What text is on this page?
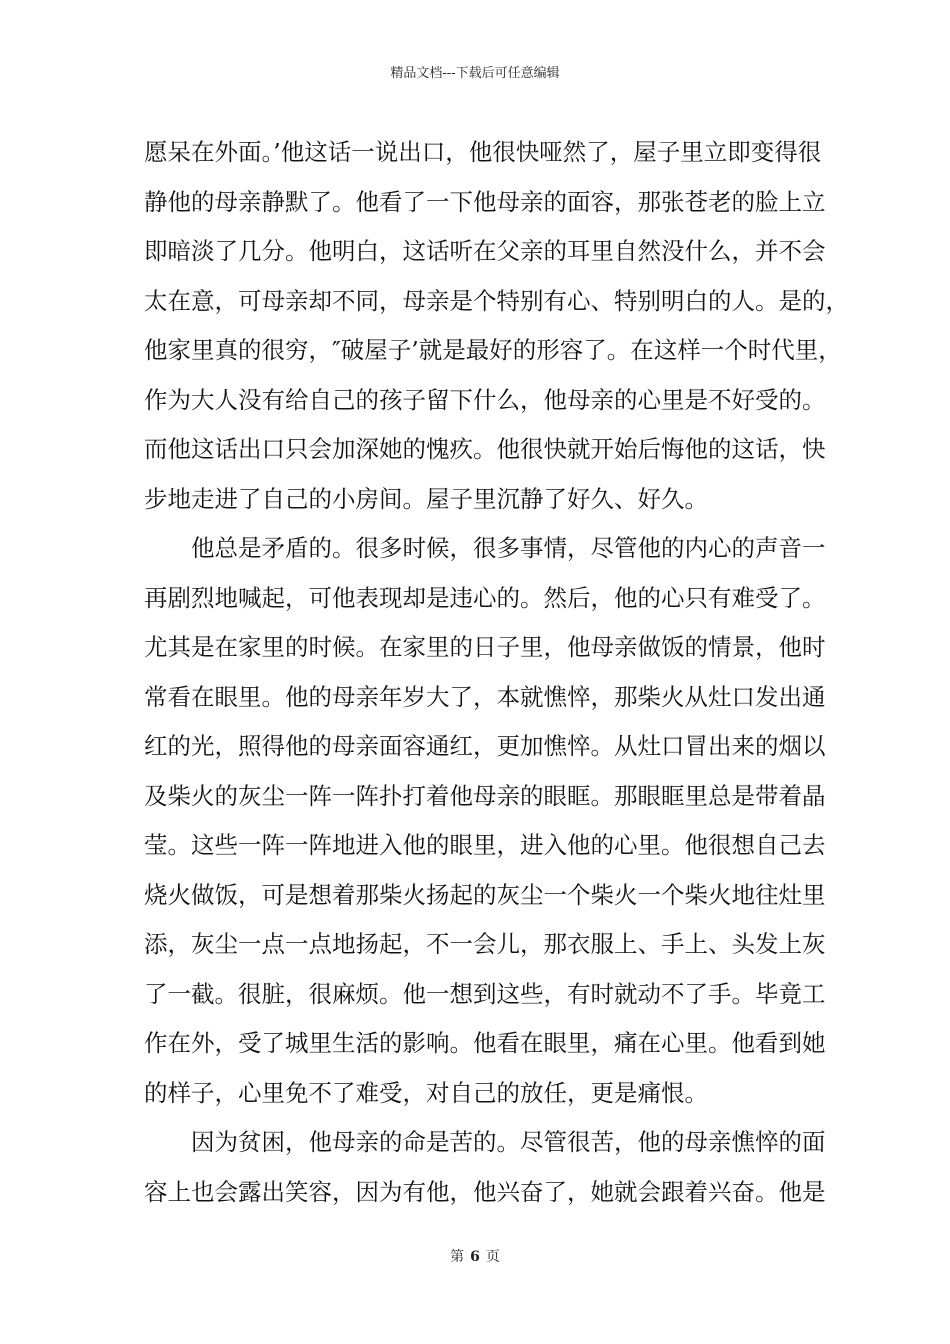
精品文档---下载后可任意编辑
愿呆在外面。’他这话一说出口，他很快哑然了，屋子里立即变得很
静他的母亲静默了。他看了一下他母亲的面容，那张苍老的脸上立
即暗淡了几分。他明白，这话听在父亲的耳里自然没什么，并不会
太在意，可母亲却不同，母亲是个特别有心、特别明白的人。是的，
他家里真的很穷，″破屋子’就是最好的形容了。在这样一个时代里，
作为大人没有给自己的孩子留下什么，他母亲的心里是不好受的。
而他这话出口只会加深她的愧疚。他很快就开始后悔他的这话，快
步地走进了自己的小房间。屋子里沉静了好久、好久。
　　他总是矛盾的。很多时候，很多事情，尽管他的内心的声音一
再剧烈地喊起，可他表现却是违心的。然后，他的心只有难受了。
尤其是在家里的时候。在家里的日子里，他母亲做饭的情景，他时
常看在眼里。他的母亲年岁大了，本就憔悴，那柴火从灶口发出通
红的光，照得他的母亲面容通红，更加憔悴。从灶口冒出来的烟以
及柴火的灰尘一阵一阵扑打着他母亲的眼眶。那眼眶里总是带着晶
莹。这些一阵一阵地进入他的眼里，进入他的心里。他很想自己去
烧火做饭，可是想着那柴火扬起的灰尘一个柴火一个柴火地往灶里
添，灰尘一点一点地扬起，不一会儿，那衣服上、手上、头发上灰
了一截。很脏，很麻烦。他一想到这些，有时就动不了手。毕竟工
作在外，受了城里生活的影响。他看在眼里，痛在心里。他看到她
的样子，心里免不了难受，对自己的放任，更是痛恨。
　　因为贫困，他母亲的命是苦的。尽管很苦，他的母亲憔悴的面
容上也会露出笑容，因为有他，他兴奋了，她就会跟着兴奋。他是
第 6 页
